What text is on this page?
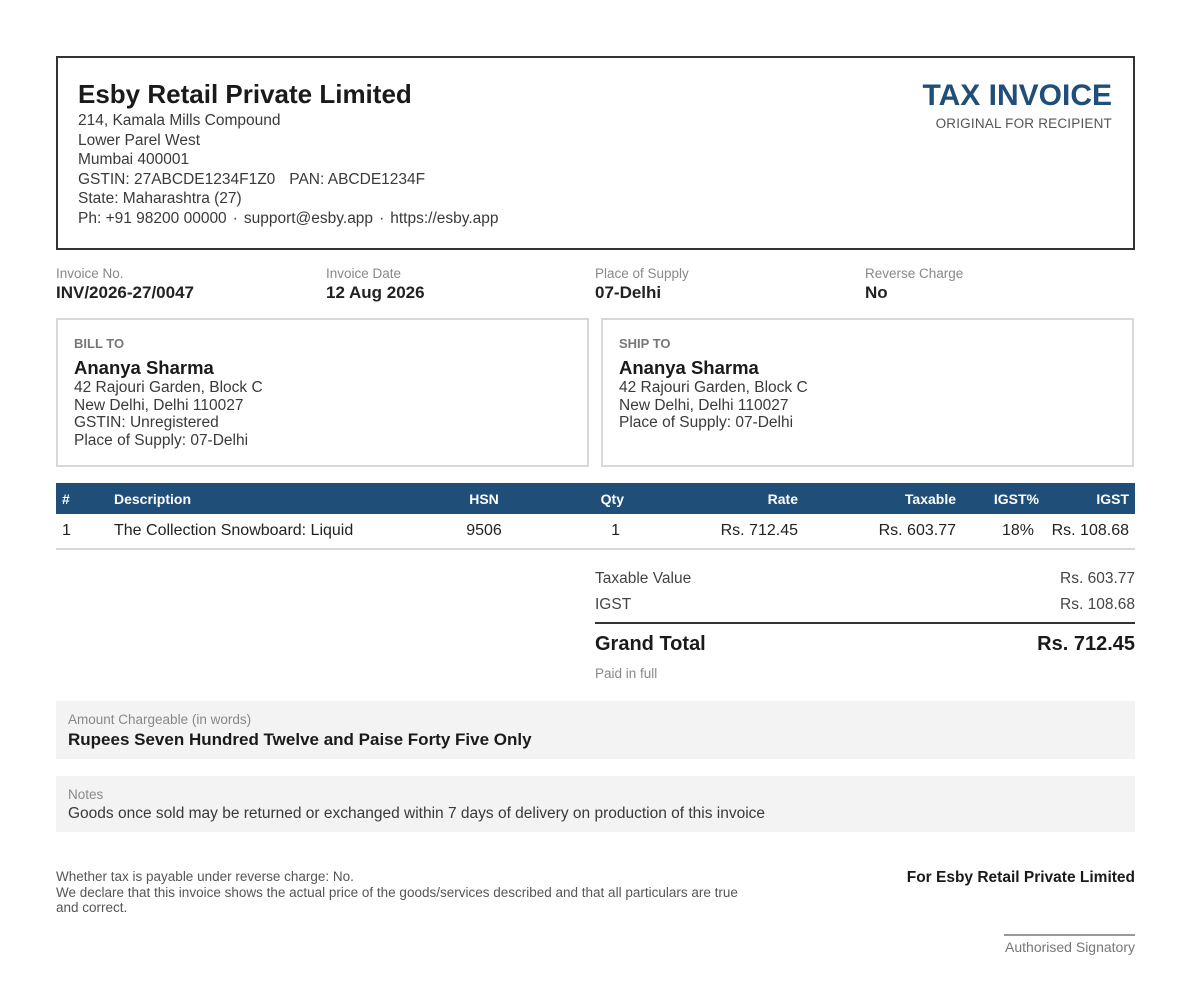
Esby Retail Private Limited
214, Kamala Mills Compound
Lower Parel West
Mumbai 400001
GSTIN: 27ABCDE1234F1Z0 PAN: ABCDE1234F
State: Maharashtra (27)
Ph: +91 98200 00000 · support@esby.app · https://esby.app
TAX INVOICE
ORIGINAL FOR RECIPIENT
Invoice No.
INV/2026-27/0047
Invoice Date
12 Aug 2026
Place of Supply
07-Delhi
Reverse Charge
No
BILL TO
Ananya Sharma
42 Rajouri Garden, Block C
New Delhi, Delhi 110027
GSTIN: Unregistered
Place of Supply: 07-Delhi
SHIP TO
Ananya Sharma
42 Rajouri Garden, Block C
New Delhi, Delhi 110027
Place of Supply: 07-Delhi
#	Description	HSN	Qty	Rate	Taxable	IGST%	IGST
1	The Collection Snowboard: Liquid	9506	1	Rs. 712.45	Rs. 603.77	18%	Rs. 108.68
Taxable Value	Rs. 603.77
IGST	Rs. 108.68
Grand Total	Rs. 712.45
Paid in full
Amount Chargeable (in words)
Rupees Seven Hundred Twelve and Paise Forty Five Only
Notes
Goods once sold may be returned or exchanged within 7 days of delivery on production of this invoice
Whether tax is payable under reverse charge: No.
We declare that this invoice shows the actual price of the goods/services described and that all particulars are true and correct.
For Esby Retail Private Limited
Authorised Signatory
